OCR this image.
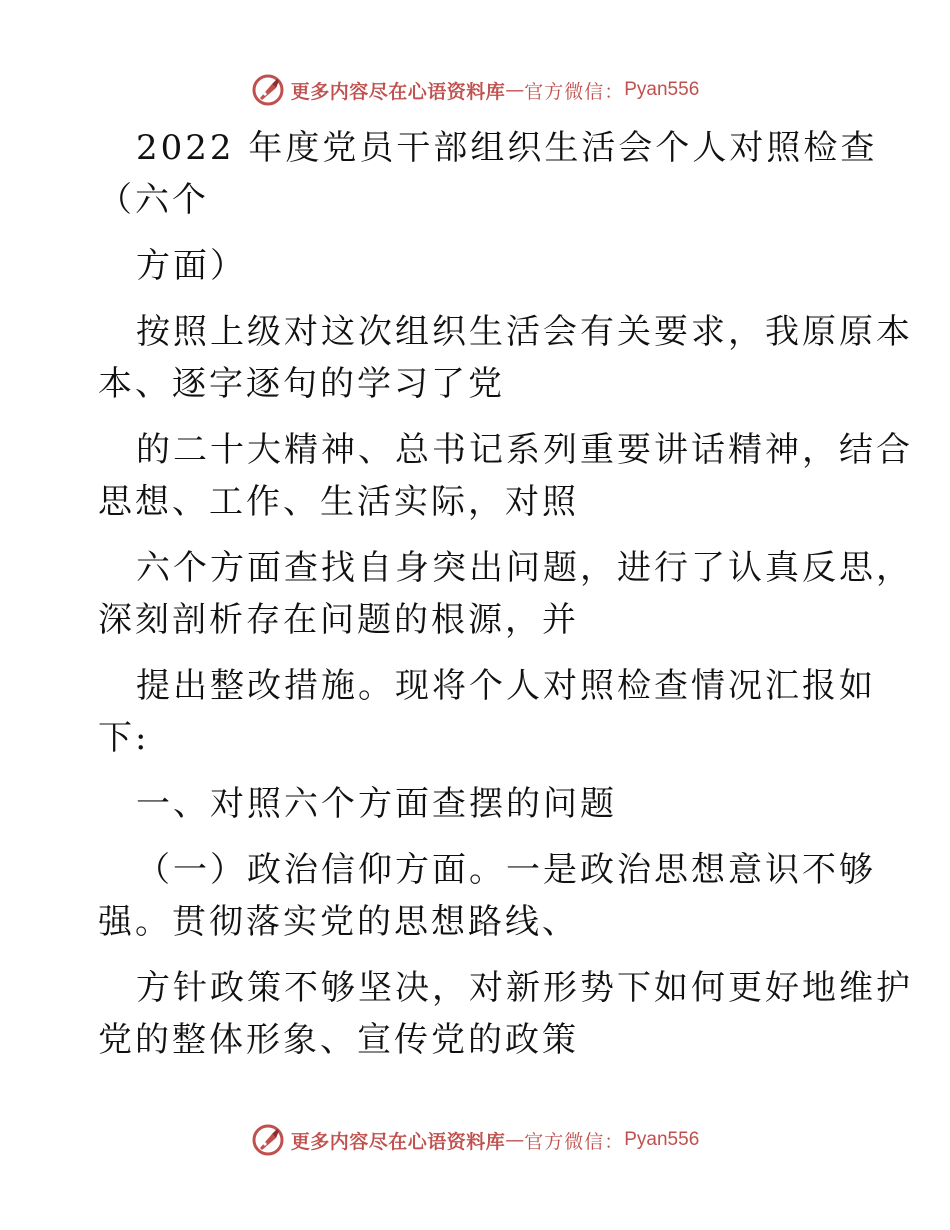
更多内容尽在心语资料库 — 官方微信： Pyan556
2022 年度党员干部组织生活会个人对照检查
（六个
方面）
按照上级对这次组织生活会有关要求，我原原本
本、逐字逐句的学习了党
的二十大精神、总书记系列重要讲话精神，结合
思想、工作、生活实际，对照
六个方面查找自身突出问题，进行了认真反思，
深刻剖析存在问题的根源，并
提出整改措施。现将个人对照检查情况汇报如
下:
一、对照六个方面查摆的问题
（一）政治信仰方面。一是政治思想意识不够
强。贯彻落实党的思想路线、
方针政策不够坚决，对新形势下如何更好地维护
党的整体形象、宣传党的政策
更多内容尽在心语资料库 — 官方微信： Pyan556
